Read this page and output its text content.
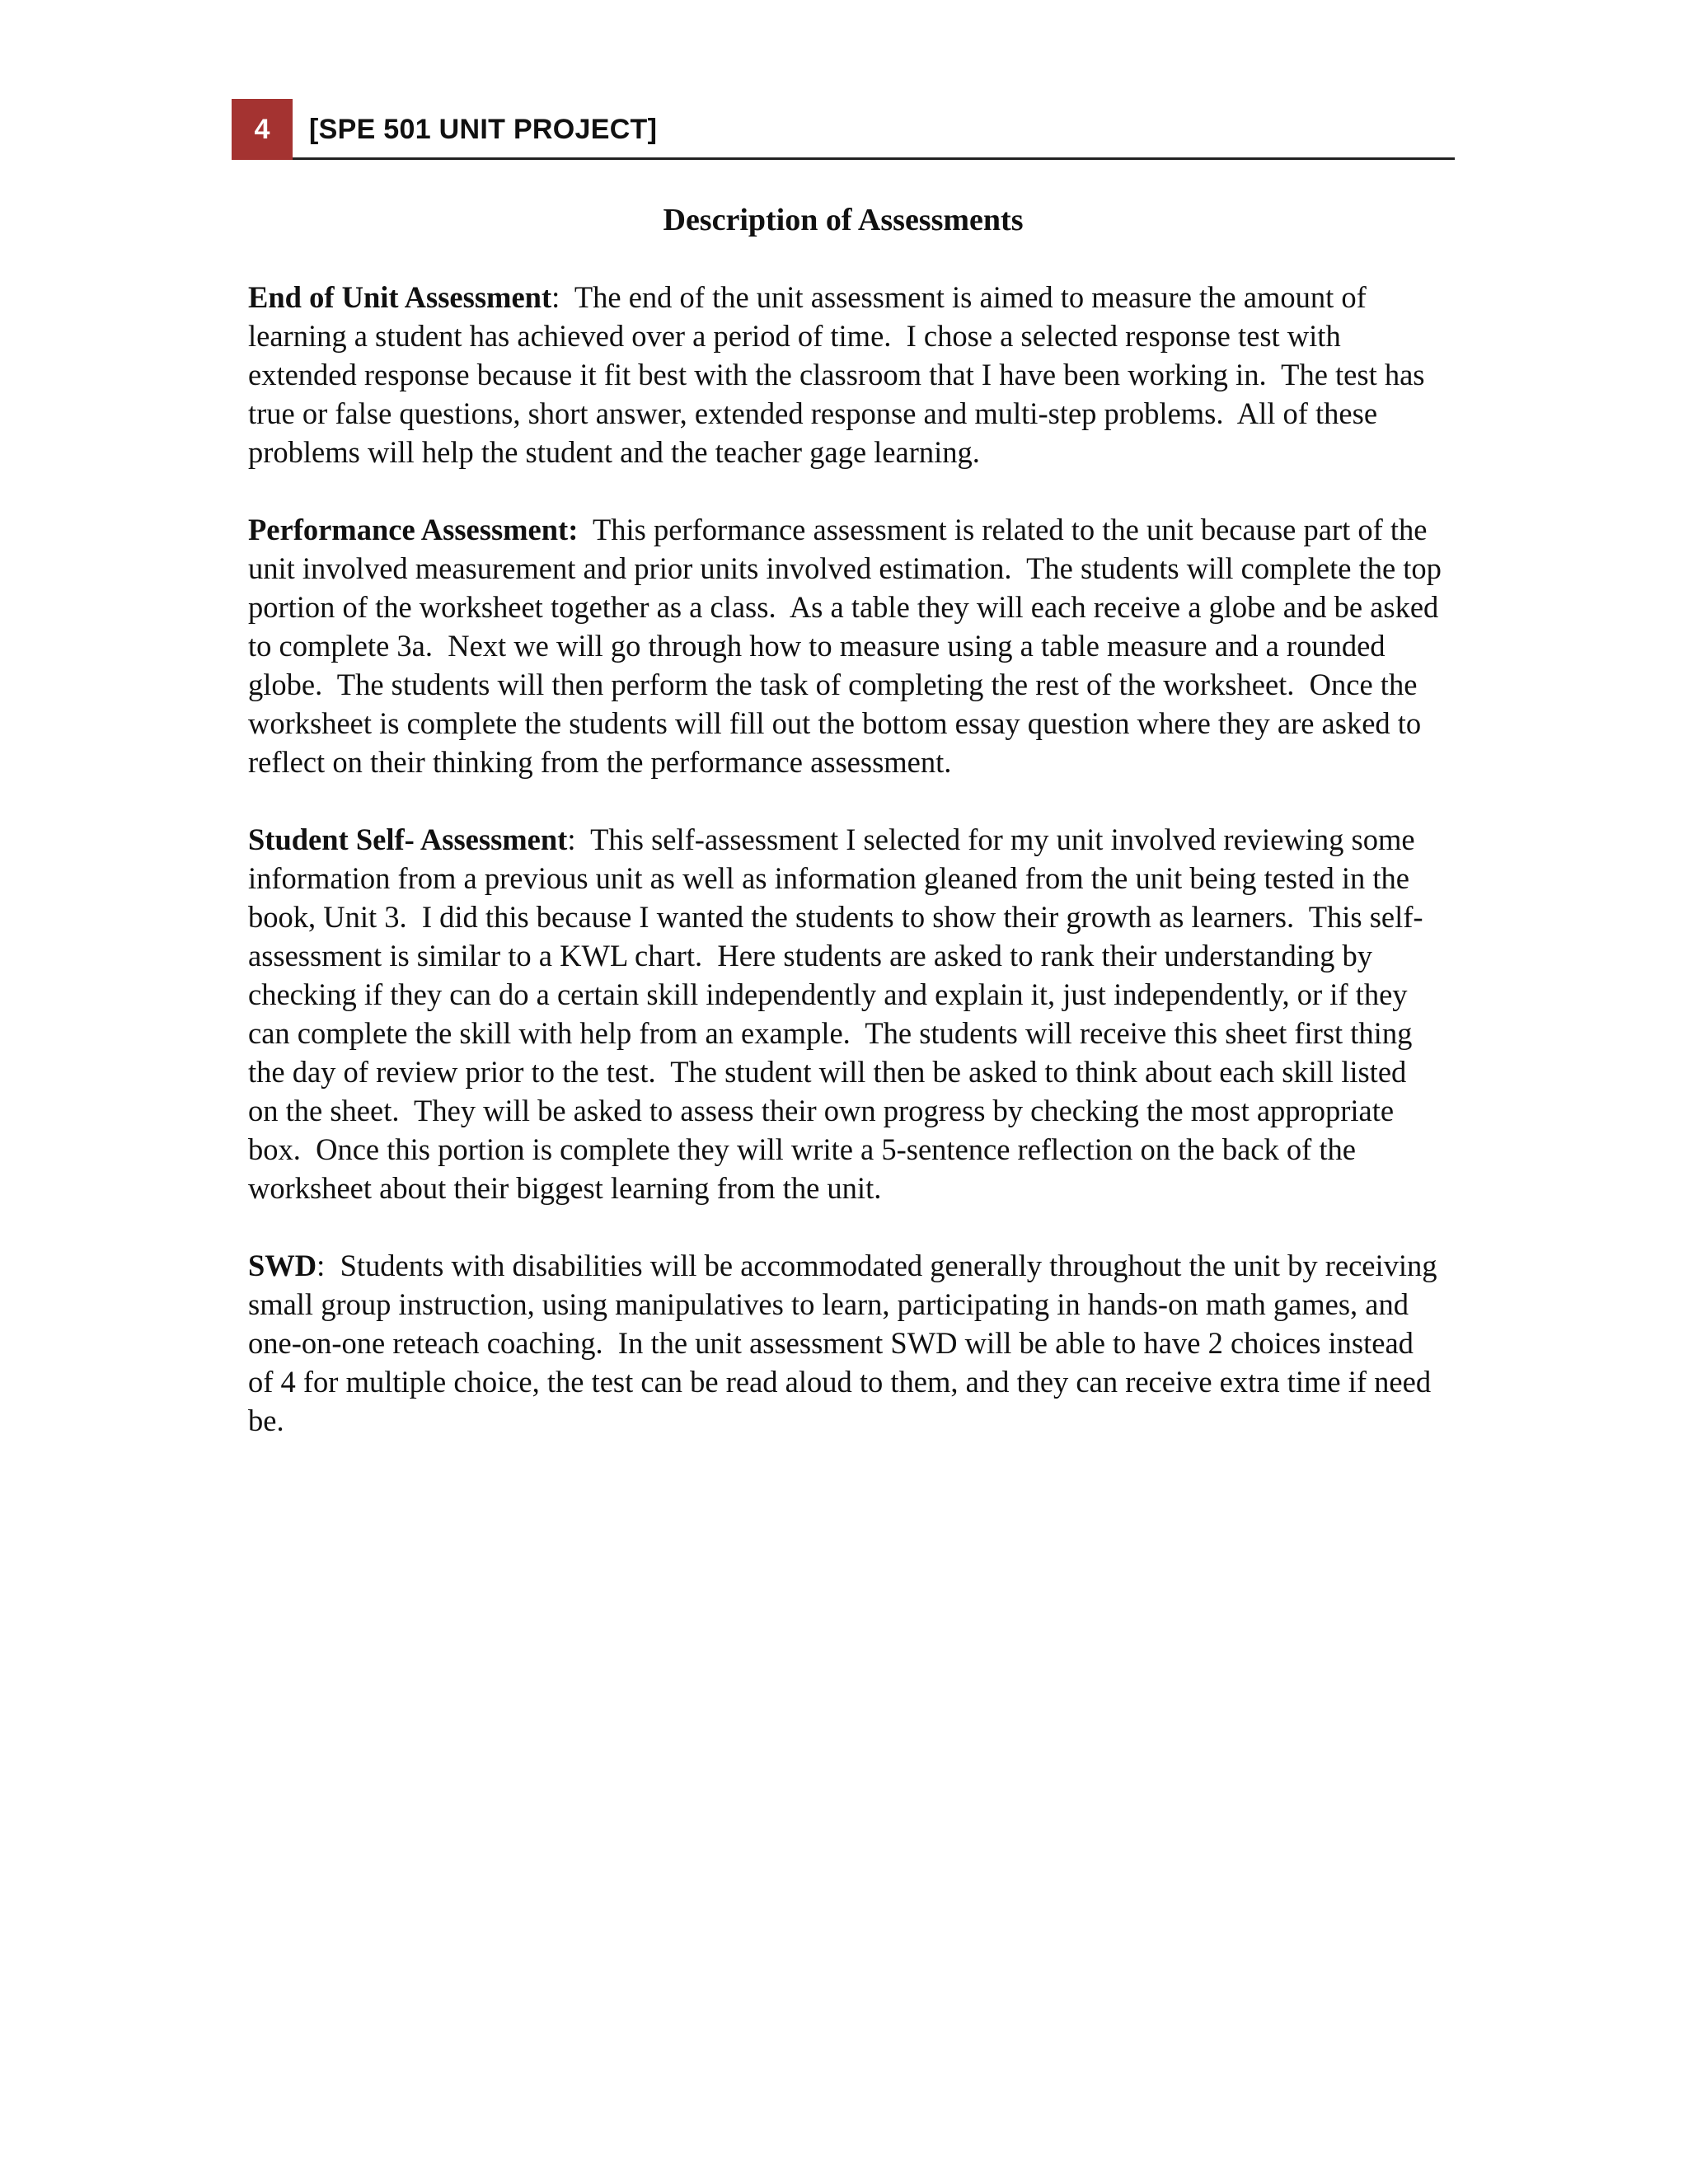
4	[SPE 501 UNIT PROJECT]
Description of Assessments

End of Unit Assessment:  The end of the unit assessment is aimed to measure the amount of learning a student has achieved over a period of time.  I chose a selected response test with extended response because it fit best with the classroom that I have been working in.  The test has true or false questions, short answer, extended response and multi-step problems.  All of these problems will help the student and the teacher gage learning.

Performance Assessment: This performance assessment is related to the unit because part of the unit involved measurement and prior units involved estimation.  The students will complete the top portion of the worksheet together as a class.  As a table they will each receive a globe and be asked to complete 3a.  Next we will go through how to measure using a table measure and a rounded globe.  The students will then perform the task of completing the rest of the worksheet.  Once the worksheet is complete the students will fill out the bottom essay question where they are asked to reflect on their thinking from the performance assessment.

Student Self- Assessment:  This self-assessment I selected for my unit involved reviewing some information from a previous unit as well as information gleaned from the unit being tested in the book, Unit 3.  I did this because I wanted the students to show their growth as learners.  This self-assessment is similar to a KWL chart.  Here students are asked to rank their understanding by checking if they can do a certain skill independently and explain it, just independently, or if they can complete the skill with help from an example.  The students will receive this sheet first thing the day of review prior to the test.  The student will then be asked to think about each skill listed on the sheet.  They will be asked to assess their own progress by checking the most appropriate box.  Once this portion is complete they will write a 5-sentence reflection on the back of the worksheet about their biggest learning from the unit.

SWD:  Students with disabilities will be accommodated generally throughout the unit by receiving small group instruction, using manipulatives to learn, participating in hands-on math games, and one-on-one reteach coaching.  In the unit assessment SWD will be able to have 2 choices instead of 4 for multiple choice, the test can be read aloud to them, and they can receive extra time if need be.
